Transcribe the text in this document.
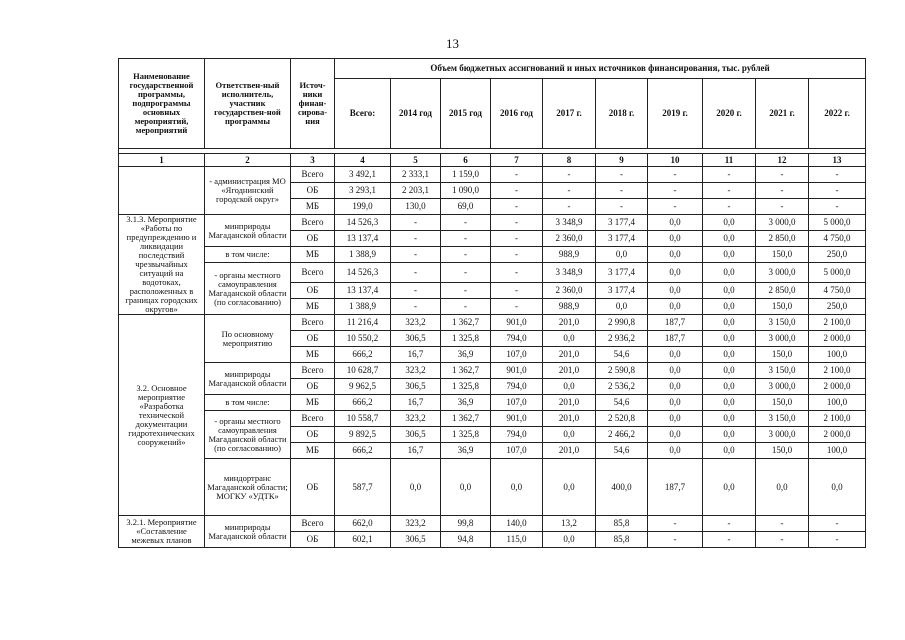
13
Наименование государственной программы, подпрограммы основных мероприятий, мероприятий	Ответствен-ный исполнитель, участник государствен-ной программы	Источ-ники финан-сирова-ния	Объем бюджетных ассигнований и иных источников финансирования, тыс. рублей									
			Всего:	2014 год	2015 год	2016 год	2017 г.	2018 г.	2019 г.	2020 г.	2021 г.	2022 г.

1	2	3	4	5	6	7	8	9	10	11	12	13
	- администрация МО «Ягоднинский городской округ»	Всего	3 492,1	2 333,1	1 159,0	-	-	-	-	-	-	-
		ОБ	3 293,1	2 203,1	1 090,0	-	-	-	-	-	-	-
		МБ	199,0	130,0	69,0	-	-	-	-	-	-	-
3.1.3. Мероприятие «Работы по предупреждению и ликвидации последствий чрезвычайных ситуаций на водотоках, расположенных в границах городских округов»	минприроды Магаданской области	Всего	14 526,3	-	-	-	3 348,9	3 177,4	0,0	0,0	3 000,0	5 000,0
		ОБ	13 137,4	-	-	-	2 360,0	3 177,4	0,0	0,0	2 850,0	4 750,0
	в том числе:	МБ	1 388,9	-	-	-	988,9	0,0	0,0	0,0	150,0	250,0
	- органы местного самоуправления Магаданской области (по согласованию)	Всего	14 526,3	-	-	-	3 348,9	3 177,4	0,0	0,0	3 000,0	5 000,0
		ОБ	13 137,4	-	-	-	2 360,0	3 177,4	0,0	0,0	2 850,0	4 750,0
		МБ	1 388,9	-	-	-	988,9	0,0	0,0	0,0	150,0	250,0
3.2. Основное мероприятие «Разработка технической документации гидротехнических сооружений»	По основному мероприятию	Всего	11 216,4	323,2	1 362,7	901,0	201,0	2 990,8	187,7	0,0	3 150,0	2 100,0
		ОБ	10 550,2	306,5	1 325,8	794,0	0,0	2 936,2	187,7	0,0	3 000,0	2 000,0
		МБ	666,2	16,7	36,9	107,0	201,0	54,6	0,0	0,0	150,0	100,0
	минприроды Магаданской области	Всего	10 628,7	323,2	1 362,7	901,0	201,0	2 590,8	0,0	0,0	3 150,0	2 100,0
		ОБ	9 962,5	306,5	1 325,8	794,0	0,0	2 536,2	0,0	0,0	3 000,0	2 000,0
	в том числе:	МБ	666,2	16,7	36,9	107,0	201,0	54,6	0,0	0,0	150,0	100,0
	- органы местного самоуправления Магаданской области (по согласованию)	Всего	10 558,7	323,2	1 362,7	901,0	201,0	2 520,8	0,0	0,0	3 150,0	2 100,0
		ОБ	9 892,5	306,5	1 325,8	794,0	0,0	2 466,2	0,0	0,0	3 000,0	2 000,0
		МБ	666,2	16,7	36,9	107,0	201,0	54,6	0,0	0,0	150,0	100,0
	миндортранс Магаданской области; МОГКУ «УДТК»	ОБ	587,7	0,0	0,0	0,0	0,0	400,0	187,7	0,0	0,0	0,0
3.2.1. Мероприятие «Составление межевых планов	минприроды Магаданской области	Всего	662,0	323,2	99,8	140,0	13,2	85,8	-	-	-	-
		ОБ	602,1	306,5	94,8	115,0	0,0	85,8	-	-	-	-
